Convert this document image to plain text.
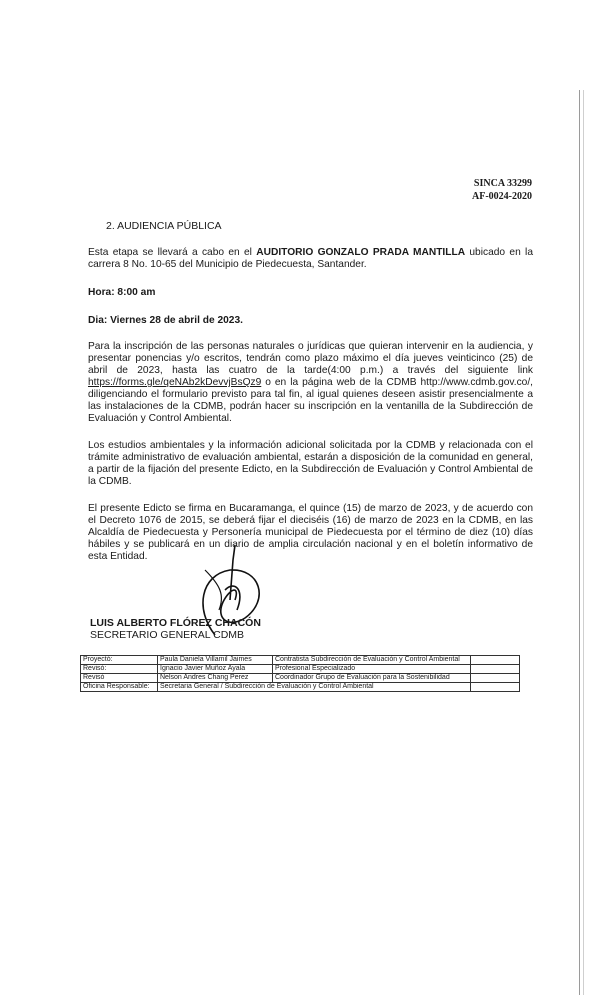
SINCA 33299
AF-0024-2020
2. AUDIENCIA PÚBLICA

Esta etapa se llevará a cabo en el AUDITORIO GONZALO PRADA MANTILLA ubicado en la carrera 8 No. 10-65 del Municipio de Piedecuesta, Santander.

Hora: 8:00 am

Dia: Viernes 28 de abril de 2023.

Para la inscripción de las personas naturales o jurídicas que quieran intervenir en la audiencia, y presentar ponencias y/o escritos, tendrán como plazo máximo el día jueves veinticinco (25) de abril de 2023, hasta las cuatro de la tarde(4:00 p.m.) a través del siguiente link https://forms.gle/qeNAb2kDevvjBsQz9 o en la página web de la CDMB http://www.cdmb.gov.co/, diligenciando el formulario previsto para tal fin, al igual quienes deseen asistir presencialmente a las instalaciones de la CDMB, podrán hacer su inscripción en la ventanilla de la Subdirección de Evaluación y Control Ambiental.

Los estudios ambientales y la información adicional solicitada por la CDMB y relacionada con el trámite administrativo de evaluación ambiental, estarán a disposición de la comunidad en general, a partir de la fijación del presente Edicto, en la Subdirección de Evaluación y Control Ambiental de la CDMB.

El presente Edicto se firma en Bucaramanga, el quince (15) de marzo de 2023, y de acuerdo con el Decreto 1076 de 2015, se deberá fijar el dieciséis (16) de marzo de 2023 en la CDMB, en las Alcaldía de Piedecuesta y Personería municipal de Piedecuesta por el término de diez (10) días hábiles y se publicará en un diario de amplia circulación nacional y en el boletín informativo de esta Entidad.

LUIS ALBERTO FLÓREZ CHACÓN
SECRETARIO GENERAL CDMB
Proyectó:	Paula Daniela Villamil Jaimes	Contratista Subdirección de Evaluación y Control Ambiental	
Revisó:	Ignacio Javier Muñoz Ayala	Profesional Especializado	
Revisó	Nelson Andres Chang Perez	Coordinador Grupo de Evaluación para la Sostenibilidad	
Oficina Responsable:	Secretaria General / Subdirección de Evaluación y Control Ambiental		
